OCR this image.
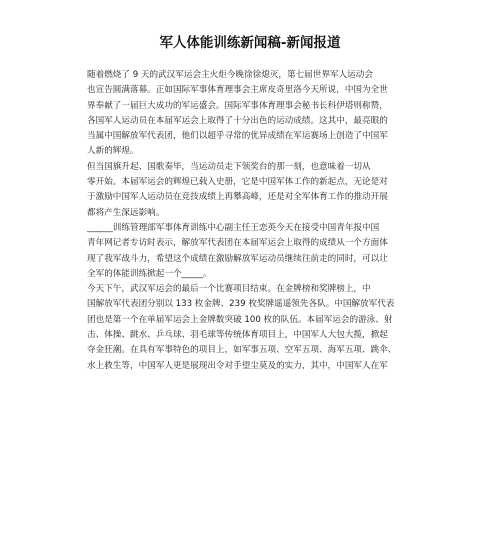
军人体能训练新闻稿-新闻报道
随着燃烧了 9 天的武汉军运会主火炬今晚徐徐熄灭，第七届世界军人运动会
也宣告圆满落幕。正如国际军事体育理事会主席皮奇里洛今天所说，中国为全世
界奉献了一届巨大成功的军运盛会。国际军事体育理事会秘书长科伊塔则称赞，
各国军人运动员在本届军运会上取得了十分出色的运动成绩。这其中，最亮眼的
当属中国解放军代表团，他们以超乎寻常的优异成绩在军运赛场上创造了中国军
人新的辉煌。
但当国旗升起、国歌奏毕，当运动员走下领奖台的那一刻，也意味着一切从
零开始。本届军运会的辉煌已载入史册，它是中国军体工作的新起点，无论是对
于激励中国军人运动员在竞技成绩上再攀高峰，还是对全军体育工作的推动开展
都将产生深远影响。
______训练管理部军事体育训练中心副主任王恋英今天在接受中国青年报中国
青年网记者专访时表示，解放军代表团在本届军运会上取得的成绩从一个方面体
现了我军战斗力，希望这个成绩在激励解放军运动员继续往前走的同时，可以让
全军的体能训练掀起一个_____。
今天下午，武汉军运会的最后一个比赛项目结束。在金牌榜和奖牌榜上，中
国解放军代表团分别以 133 枚金牌、239 枚奖牌遥遥领先各队。中国解放军代表
团也是第一个在单届军运会上金牌数突破 100 枚的队伍。本届军运会的游泳、射
击、体操、跳水、乒乓球、羽毛球等传统体育项目上，中国军人大包大揽，掀起
夺金狂潮。在具有军事特色的项目上，如军事五项、空军五项、海军五项、跳伞、
水上救生等，中国军人更是展现出令对手望尘莫及的实力，其中，中国军人在军
